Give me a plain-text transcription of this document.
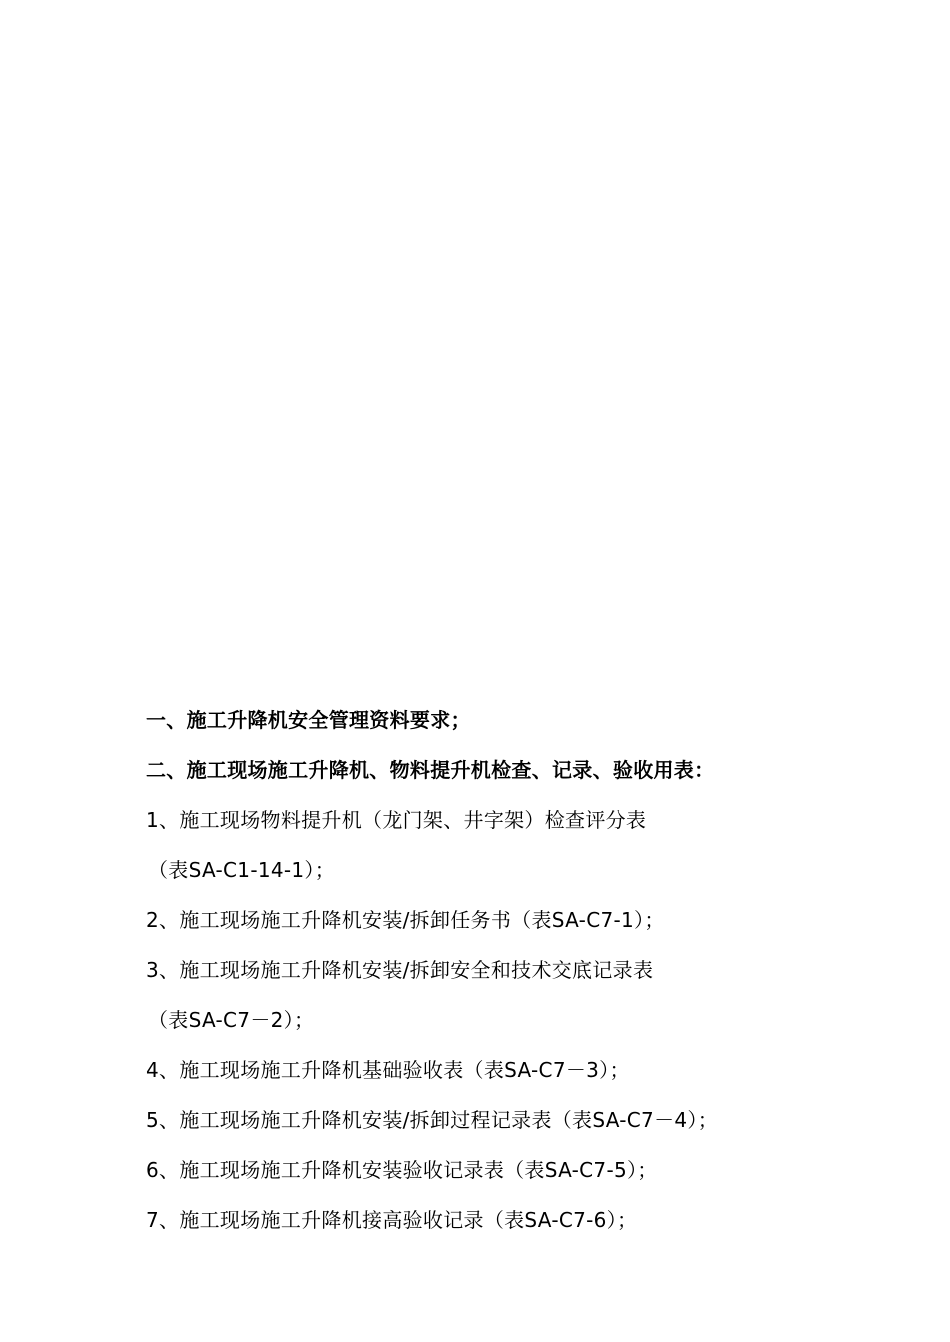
一、施工升降机安全管理资料要求；
二、施工现场施工升降机、物料提升机检查、记录、验收用表：
1、施工现场物料提升机（龙门架、井字架）检查评分表
（表SA-C1-14-1）；
2、施工现场施工升降机安装/拆卸任务书（表SA-C7-1）；
3、施工现场施工升降机安装/拆卸安全和技术交底记录表
（表SA-C7－2）；
4、施工现场施工升降机基础验收表（表SA-C7－3）；
5、施工现场施工升降机安装/拆卸过程记录表（表SA-C7－4）；
6、施工现场施工升降机安装验收记录表（表SA-C7-5）；
7、施工现场施工升降机接高验收记录（表SA-C7-6）；
